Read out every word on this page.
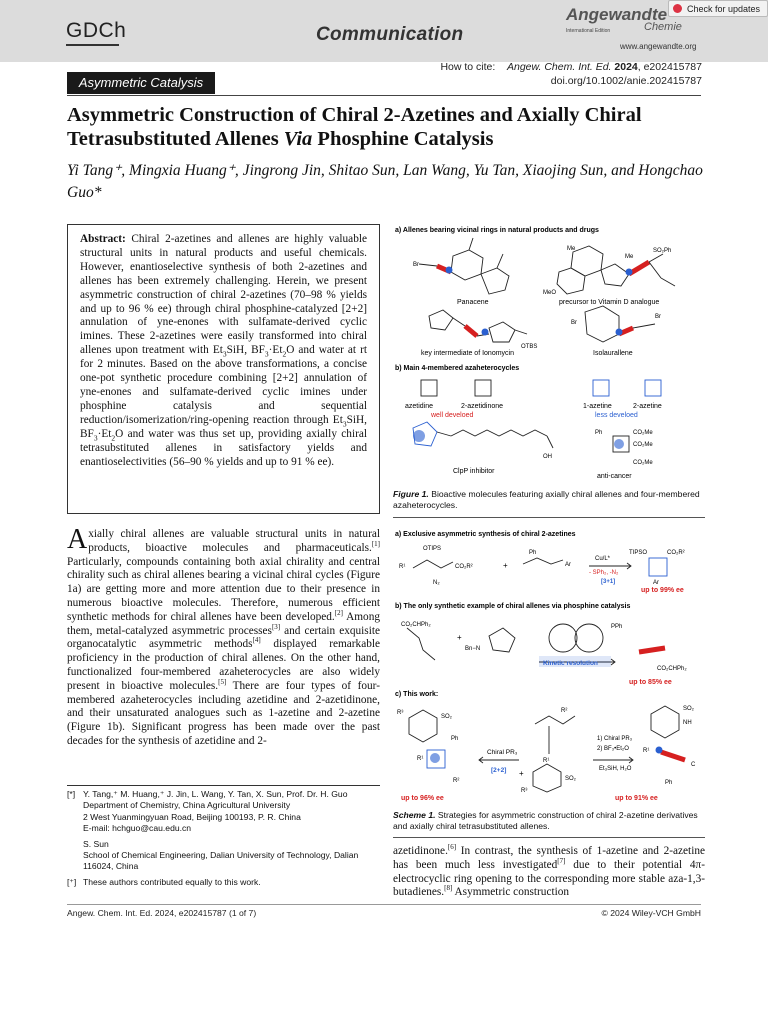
GDCh	Communication
Angewandte
International Edition	Chemie
www.angewandte.org
Check for updates
Asymmetric Catalysis
How to cite: Angew. Chem. Int. Ed. 2024, e202415787
doi.org/10.1002/anie.202415787
Asymmetric Construction of Chiral 2-Azetines and Axially Chiral Tetrasubstituted Allenes Via Phosphine Catalysis
Yi Tang⁺, Mingxia Huang⁺, Jingrong Jin, Shitao Sun, Lan Wang, Yu Tan, Xiaojing Sun, and Hongchao Guo*
Abstract: Chiral 2-azetines and allenes are highly valuable structural units in natural products and useful chemicals. However, enantioselective synthesis of both 2-azetines and allenes has been extremely challenging. Herein, we present asymmetric construction of chiral 2-azetines (70–98 % yields and up to 96 % ee) through chiral phosphine-catalyzed [2+2] annulation of yne-enones with sulfamate-derived cyclic imines. These 2-azetines were easily transformed into chiral allenes upon treatment with $Et_3SiH$, $BF_3\cdot Et_2O$ and water at rt for 2 minutes. Based on the above transformations, a concise one-pot synthetic procedure combining [2+2] annulation of yne-enones and sulfamate-derived cyclic imines under phosphine catalysis and sequential reduction/isomerization/ring-opening reaction through $Et_3SiH$, $BF_3\cdot Et_2O$ and water was thus set up, providing axially chiral tetrasubstituted allenes in satisfactory yields and enantioselectivities (56–90 % yields and up to 91 % ee).
Axially chiral allenes are valuable structural units in natural products, bioactive molecules and pharmaceuticals.[1] Particularly, compounds containing both axial chirality and central chirality such as chiral allenes bearing a vicinal chiral cycles (Figure 1a) are getting more and more attention due to their presence in numerous bioactive molecules. Therefore, numerous efficient synthetic methods for chiral allenes have been developed.[2] Among them, metal-catalyzed asymmetric processes[3] and certain exquisite organocatalytic asymmetric methods[4] displayed remarkable proficiency in the production of chiral allenes. On the other hand, functionalized four-membered azaheterocycles are also widely present in bioactive molecules.[5] There are four types of four-membered azaheterocycles including azetidine and 2-azetidinone, and their unsaturated analogues such as 1-azetine and 2-azetine (Figure 1b). Significant progress has been made over the past decades for the synthesis of azetidine and 2-
[*] Y. Tang,⁺ M. Huang,⁺ J. Jin, L. Wang, Y. Tan, X. Sun, Prof. Dr. H. Guo
Department of Chemistry, China Agricultural University
2 West Yuanmingyuan Road, Beijing 100193, P. R. China
E-mail: hchguo@cau.edu.cn
S. Sun
School of Chemical Engineering, Dalian University of Technology, Dalian 116024, China
[⁺] These authors contributed equally to this work.
a) Allenes bearing vicinal rings in natural products and drugs
Br
Panacene
Me
Me
SO₂Ph
MeO
precursor to Vitamin D analogue
OTBS
key intermediate of Ionomycin
Br
Br
Isolaurallene
b) Main 4-membered azaheterocycles
azetidine	2-azetidinone	1-azetine	2-azetine
well develoed	less develoed
OH
ClpP inhibitor
CO₂Me
CO₂Me
CO₂Me
Ph
anti-cancer
Figure 1. Bioactive molecules featuring axially chiral allenes and four-membered azaheterocycles.
a) Exclusive asymmetric synthesis of chiral 2-azetines
OTIPS
R¹	CO₂R²
N₂
+
Ph
Ar
Cu/L*
- SPh₂, -N₂
[3+1]
TIPSO	CO₂R²
Ar
up to 99% ee
b) The only synthetic example of chiral allenes via phosphine catalysis
CO₂CHPh₂
Bn−N
+
PPh
Kinetic resolution
CO₂CHPh₂
up to 85% ee
c) This work:
R³
SO₂
Ph
R¹
R²
Chiral PR₃
[2+2]
R²
R¹
+
SO₂
R³
1) Chiral PR₃
2) BF₃•Et₂O
Et₃SiH, H₂O
SO₂
NH
R¹
Ph
C
up to 96% ee	up to 91% ee
Scheme 1. Strategies for asymmetric construction of chiral 2-azetine derivatives and axially chiral tetrasubstituted allenes.
azetidinone.[6] In contrast, the synthesis of 1-azetine and 2-azetine has been much less investigated[7] due to their potential 4π-electrocyclic ring opening to the corresponding more stable aza-1,3-butadienes.[8] Asymmetric construction
Angew. Chem. Int. Ed. 2024, e202415787 (1 of 7)	© 2024 Wiley-VCH GmbH
